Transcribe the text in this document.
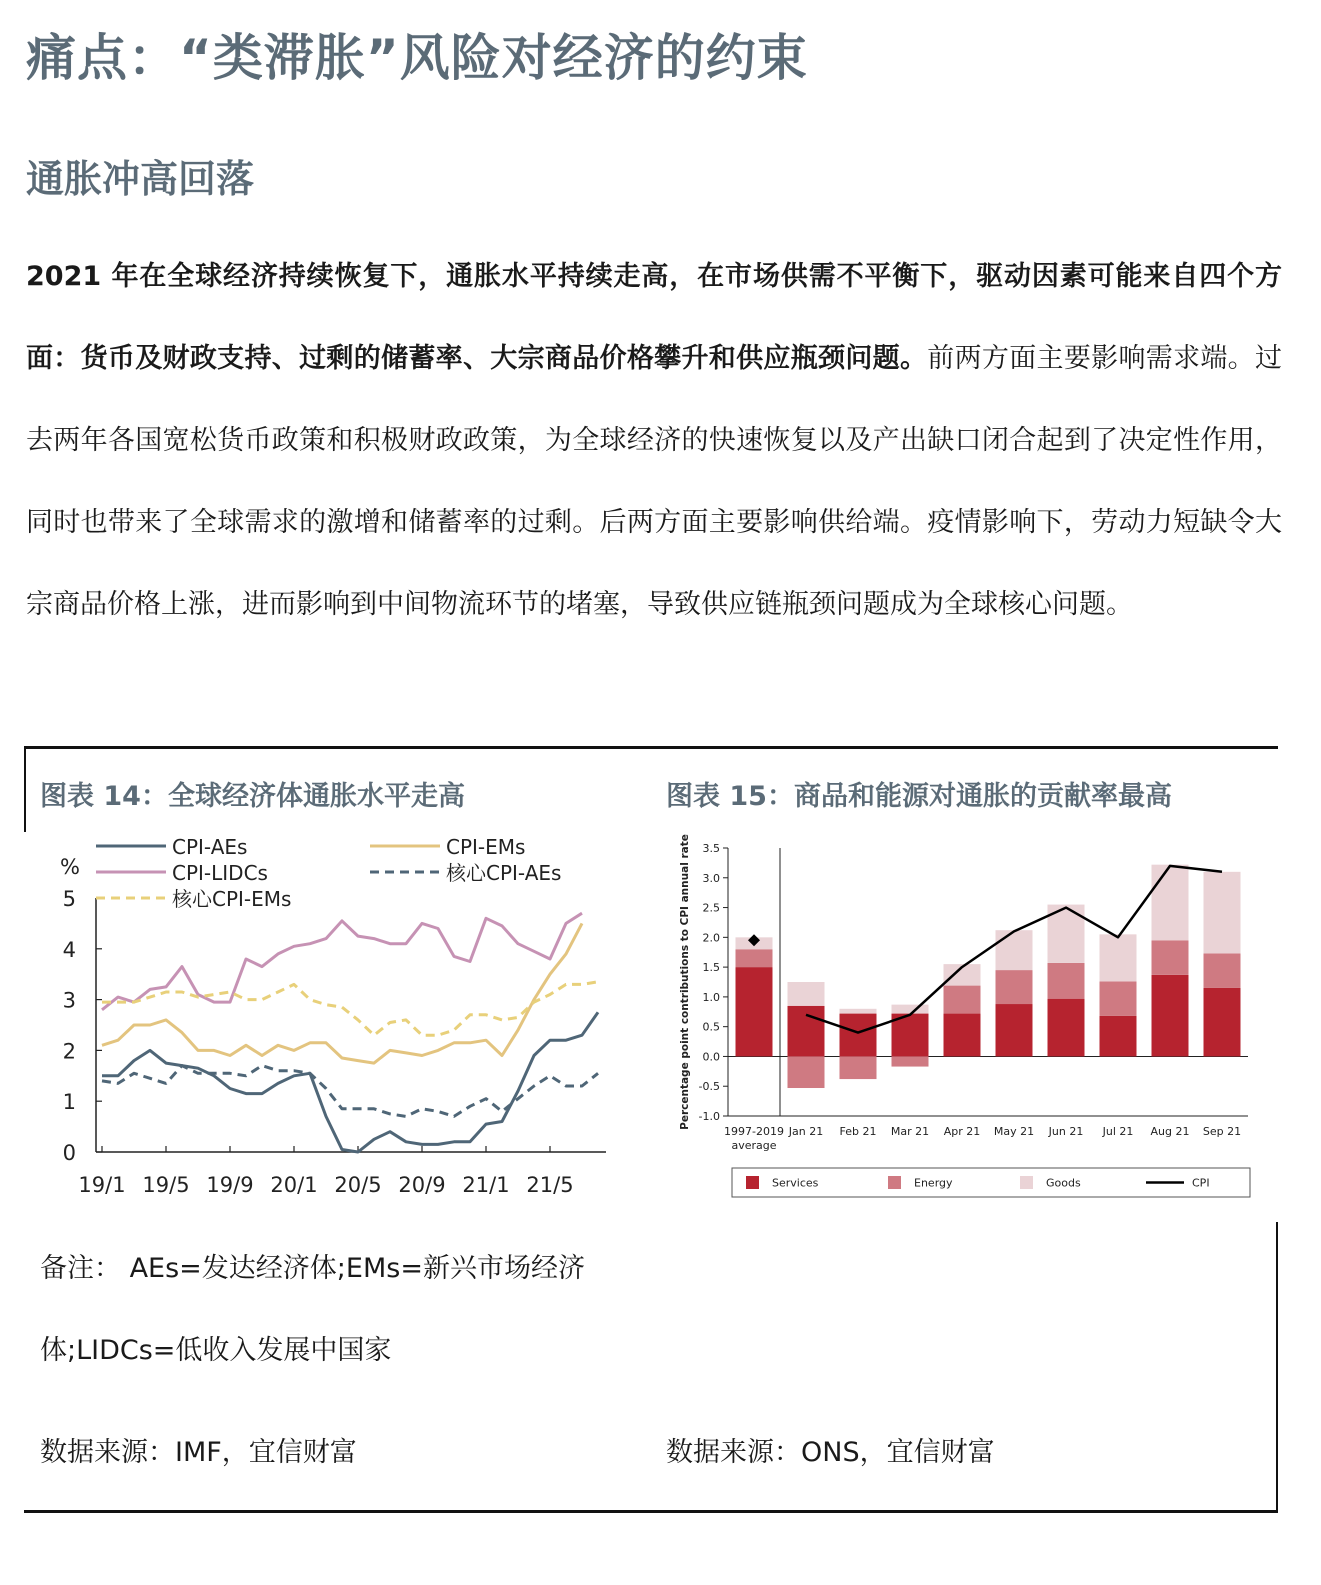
痛点：“类滞胀”风险对经济的约束
通胀冲高回落
2021 年在全球经济持续恢复下，通胀水平持续走高，在市场供需不平衡下，驱动因素可能来自四个方面：货币及财政支持、过剩的储蓄率、大宗商品价格攀升和供应瓶颈问题。前两方面主要影响需求端。过去两年各国宽松货币政策和积极财政政策，为全球经济的快速恢复以及产出缺口闭合起到了决定性作用，同时也带来了全球需求的激增和储蓄率的过剩。后两方面主要影响供给端。疫情影响下，劳动力短缺令大宗商品价格上涨，进而影响到中间物流环节的堵塞，导致供应链瓶颈问题成为全球核心问题。
图表 14：全球经济体通胀水平走高	图表 15：商品和能源对通胀的贡献率最高
0
1
2
3
4
5
%
19/1 19/5 19/9 20/1 20/5 20/9 21/1 21/5
CPI-AEs	CPI-EMs
CPI-LIDCs	核心CPI-AEs
核心CPI-EMs
-1.0
-0.5
0.0
0.5
1.0
1.5
2.0
2.5
3.0
3.5
Percentage point contributions to CPI annual rate
1997-2019
average
Jan 21 Feb 21 Mar 21 Apr 21 May 21 Jun 21 Jul 21 Aug 21 Sep 21
Services	Energy	Goods	CPI
备注： AEs=发达经济体;EMs=新兴市场经济
体;LIDCs=低收入发展中国家
数据来源：IMF，宜信财富	数据来源：ONS，宜信财富
